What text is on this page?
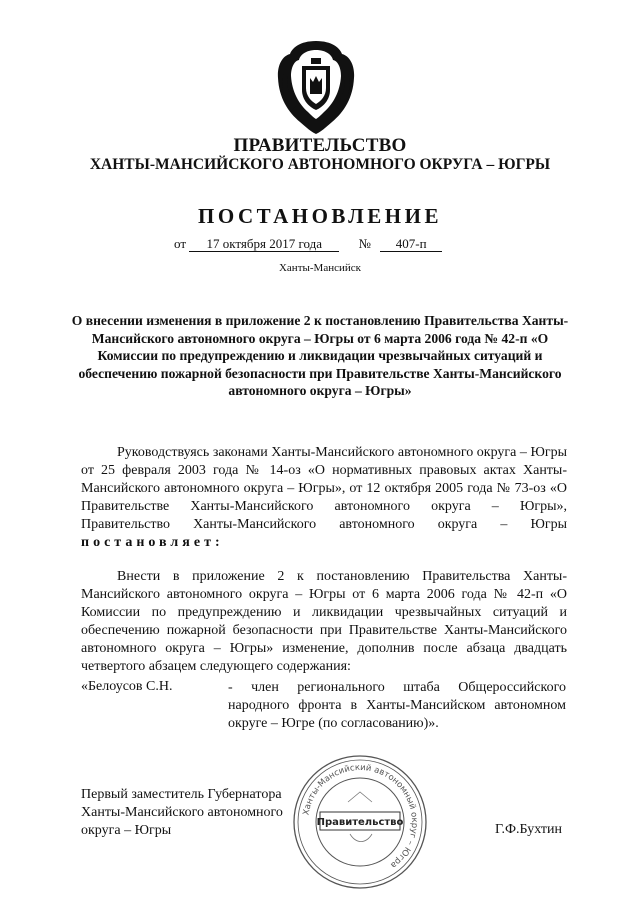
ПРАВИТЕЛЬСТВО
ХАНТЫ-МАНСИЙСКОГО АВТОНОМНОГО ОКРУГА – ЮГРЫ
ПОСТАНОВЛЕНИЕ
от 17 октября 2017 года	№ 407-п
Ханты-Мансийск
О внесении изменения в приложение 2 к постановлению Правительства Ханты-Мансийского автономного округа – Югры от 6 марта 2006 года № 42-п «О Комиссии по предупреждению и ликвидации чрезвычайных ситуаций и обеспечению пожарной безопасности при Правительстве Ханты-Мансийского автономного округа – Югры»

Руководствуясь законами Ханты-Мансийского автономного округа – Югры от 25 февраля 2003 года № 14-оз «О нормативных правовых актах Ханты-Мансийского автономного округа – Югры», от 12 октября 2005 года № 73-оз «О Правительстве Ханты-Мансийского автономного округа – Югры», Правительство Ханты-Мансийского автономного округа – Югры постановляет:

Внести в приложение 2 к постановлению Правительства Ханты-Мансийского автономного округа – Югры от 6 марта 2006 года № 42-п «О Комиссии по предупреждению и ликвидации чрезвычайных ситуаций и обеспечению пожарной безопасности при Правительстве Ханты-Мансийского автономного округа – Югры» изменение, дополнив после абзаца двадцать четвертого абзацем следующего содержания:

«Белоусов С.Н.	- член регионального штаба Общероссийского народного фронта в Ханты-Мансийском автономном округе – Югре (по согласованию)».
Первый заместитель Губернатора Ханты-Мансийского автономного округа – Югры	Г.Ф.Бухтин
Ханты-Мансийский автономный округ – Югра
Правительство
